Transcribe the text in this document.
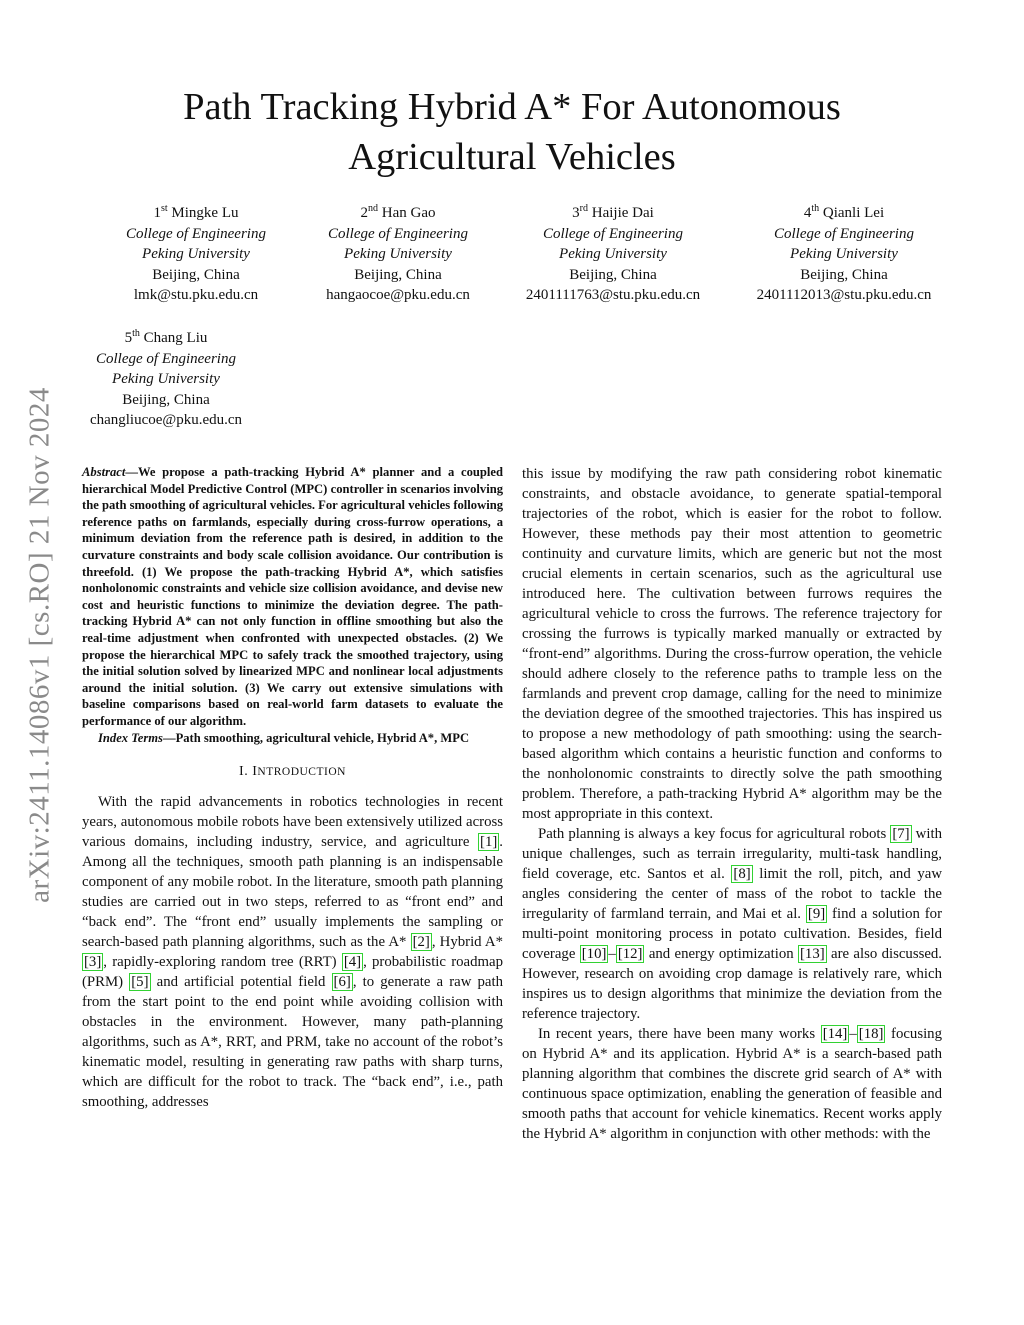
Path Tracking Hybrid A* For Autonomous
Agricultural Vehicles
1st Mingke Lu
College of Engineering
Peking University
Beijing, China
lmk@stu.pku.edu.cn
2nd Han Gao
College of Engineering
Peking University
Beijing, China
hangaocoe@pku.edu.cn
3rd Haijie Dai
College of Engineering
Peking University
Beijing, China
2401111763@stu.pku.edu.cn
4th Qianli Lei
College of Engineering
Peking University
Beijing, China
2401112013@stu.pku.edu.cn
5th Chang Liu
College of Engineering
Peking University
Beijing, China
changliucoe@pku.edu.cn
arXiv:2411.14086v1 [cs.RO] 21 Nov 2024 Abstract—We propose a path-tracking Hybrid A* planner and a coupled hierarchical Model Predictive Control (MPC) controller in scenarios involving the path smoothing of agricultural vehicles. For agricultural vehicles following reference paths on farmlands, especially during cross-furrow operations, a minimum deviation from the reference path is desired, in addition to the curvature constraints and body scale collision avoidance. Our contribution is threefold. (1) We propose the path-tracking Hybrid A*, which satisfies nonholonomic constraints and vehicle size collision avoidance, and devise new cost and heuristic functions to minimize the deviation degree. The path-tracking Hybrid A* can not only function in offline smoothing but also the real-time adjustment when confronted with unexpected obstacles. (2) We propose the hierarchical MPC to safely track the smoothed trajectory, using the initial solution solved by linearized MPC and nonlinear local adjustments around the initial solution. (3) We carry out extensive simulations with baseline comparisons based on real-world farm datasets to evaluate the performance of our algorithm.

Index Terms—Path smoothing, agricultural vehicle, Hybrid A*, MPC

I. INTRODUCTION

With the rapid advancements in robotics technologies in recent years, autonomous mobile robots have been extensively utilized across various domains, including industry, service, and agriculture [1] . Among all the techniques, smooth path planning is an indispensable component of any mobile robot. In the literature, smooth path planning studies are carried out in two steps, referred to as “front end” and “back end”. The “front end” usually implements the sampling or search-based path planning algorithms, such as the A* [2] , Hybrid A* [3] , rapidly-exploring random tree (RRT) [4] , probabilistic roadmap (PRM) [5] and artificial potential field [6] , to generate a raw path from the start point to the end point while avoiding collision with obstacles in the environment. However, many path-planning algorithms, such as A*, RRT, and PRM, take no account of the robot’s kinematic model, resulting in generating raw paths with sharp turns, which are difficult for the robot to track. The “back end”, i.e., path smoothing, addresses

this issue by modifying the raw path considering robot kinematic constraints, and obstacle avoidance, to generate spatial-temporal trajectories of the robot, which is easier for the robot to follow. However, these methods pay their most attention to geometric continuity and curvature limits, which are generic but not the most crucial elements in certain scenarios, such as the agricultural use introduced here. The cultivation between furrows requires the agricultural vehicle to cross the furrows. The reference trajectory for crossing the furrows is typically marked manually or extracted by “front-end” algorithms. During the cross-furrow operation, the vehicle should adhere closely to the reference paths to trample less on the farmlands and prevent crop damage, calling for the need to minimize the deviation degree of the smoothed trajectories. This has inspired us to propose a new methodology of path smoothing: using the search-based algorithm which contains a heuristic function and conforms to the nonholonomic constraints to directly solve the path smoothing problem. Therefore, a path-tracking Hybrid A* algorithm may be the most appropriate in this context.

Path planning is always a key focus for agricultural robots [7] with unique challenges, such as terrain irregularity, multi-task handling, field coverage, etc. Santos et al. [8] limit the roll, pitch, and yaw angles considering the center of mass of the robot to tackle the irregularity of farmland terrain, and Mai et al. [9] find a solution for multi-point monitoring process in potato cultivation. Besides, field coverage [10] – [12] and energy optimization [13] are also discussed. However, research on avoiding crop damage is relatively rare, which inspires us to design algorithms that minimize the deviation from the reference trajectory.

In recent years, there have been many works [14] – [18] focusing on Hybrid A* and its application. Hybrid A* is a search-based path planning algorithm that combines the discrete grid search of A* with continuous space optimization, enabling the generation of feasible and smooth paths that account for vehicle kinematics. Recent works apply the Hybrid A* algorithm in conjunction with other methods: with the
